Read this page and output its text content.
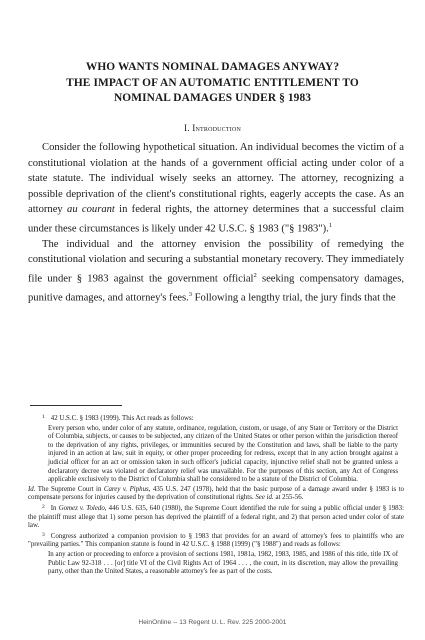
WHO WANTS NOMINAL DAMAGES ANYWAY?
THE IMPACT OF AN AUTOMATIC ENTITLEMENT TO
NOMINAL DAMAGES UNDER § 1983
I. Introduction

Consider the following hypothetical situation. An individual becomes the victim of a constitutional violation at the hands of a government official acting under color of a state statute. The individual wisely seeks an attorney. The attorney, recognizing a possible deprivation of the client's constitutional rights, eagerly accepts the case. As an attorney au courant in federal rights, the attorney determines that a successful claim under these circumstances is likely under 42 U.S.C. § 1983 ("§ 1983").$^1$

The individual and the attorney envision the possibility of remedying the constitutional violation and securing a substantial monetary recovery. They immediately file under § 1983 against the government official$^2$ seeking compensatory damages, punitive damages, and attorney's fees.$^3$ Following a lengthy trial, the jury finds that the

$^1$ 42 U.S.C. § 1983 (1999). This Act reads as follows:

Every person who, under color of any statute, ordinance, regulation, custom, or usage, of any State or Territory or the District of Columbia, subjects, or causes to be subjected, any citizen of the United States or other person within the jurisdiction thereof to the deprivation of any rights, privileges, or immunities secured by the Constitution and laws, shall be liable to the party injured in an action at law, suit in equity, or other proper proceeding for redress, except that in any action brought against a judicial officer for an act or omission taken in such officer's judicial capacity, injunctive relief shall not be granted unless a declaratory decree was violated or declaratory relief was unavailable. For the purposes of this section, any Act of Congress applicable exclusively to the District of Columbia shall be considered to be a statute of the District of Columbia.

Id. The Supreme Court in Carey v. Piphus, 435 U.S. 247 (1978), held that the basic purpose of a damage award under § 1983 is to compensate persons for injuries caused by the deprivation of constitutional rights. See id. at 255-56.

$^2$ In Gomez v. Toledo, 446 U.S. 635, 640 (1980), the Supreme Court identified the rule for suing a public official under § 1983: the plaintiff must allege that 1) some person has deprived the plaintiff of a federal right, and 2) that person acted under color of state law.

$^3$ Congress authorized a companion provision to § 1983 that provides for an award of attorney's fees to plaintiffs who are "prevailing parties." This companion statute is found in 42 U.S.C. § 1988 (1999) ("§ 1988") and reads as follows:

In any action or proceeding to enforce a provision of sections 1981, 1981a, 1982, 1983, 1985, and 1986 of this title, title IX of Public Law 92-318 . . . [or] title VI of the Civil Rights Act of 1964 . . . , the court, in its discretion, may allow the prevailing party, other than the United States, a reasonable attorney's fee as part of the costs.

HeinOnline -- 13 Regent U. L. Rev. 225 2000-2001
